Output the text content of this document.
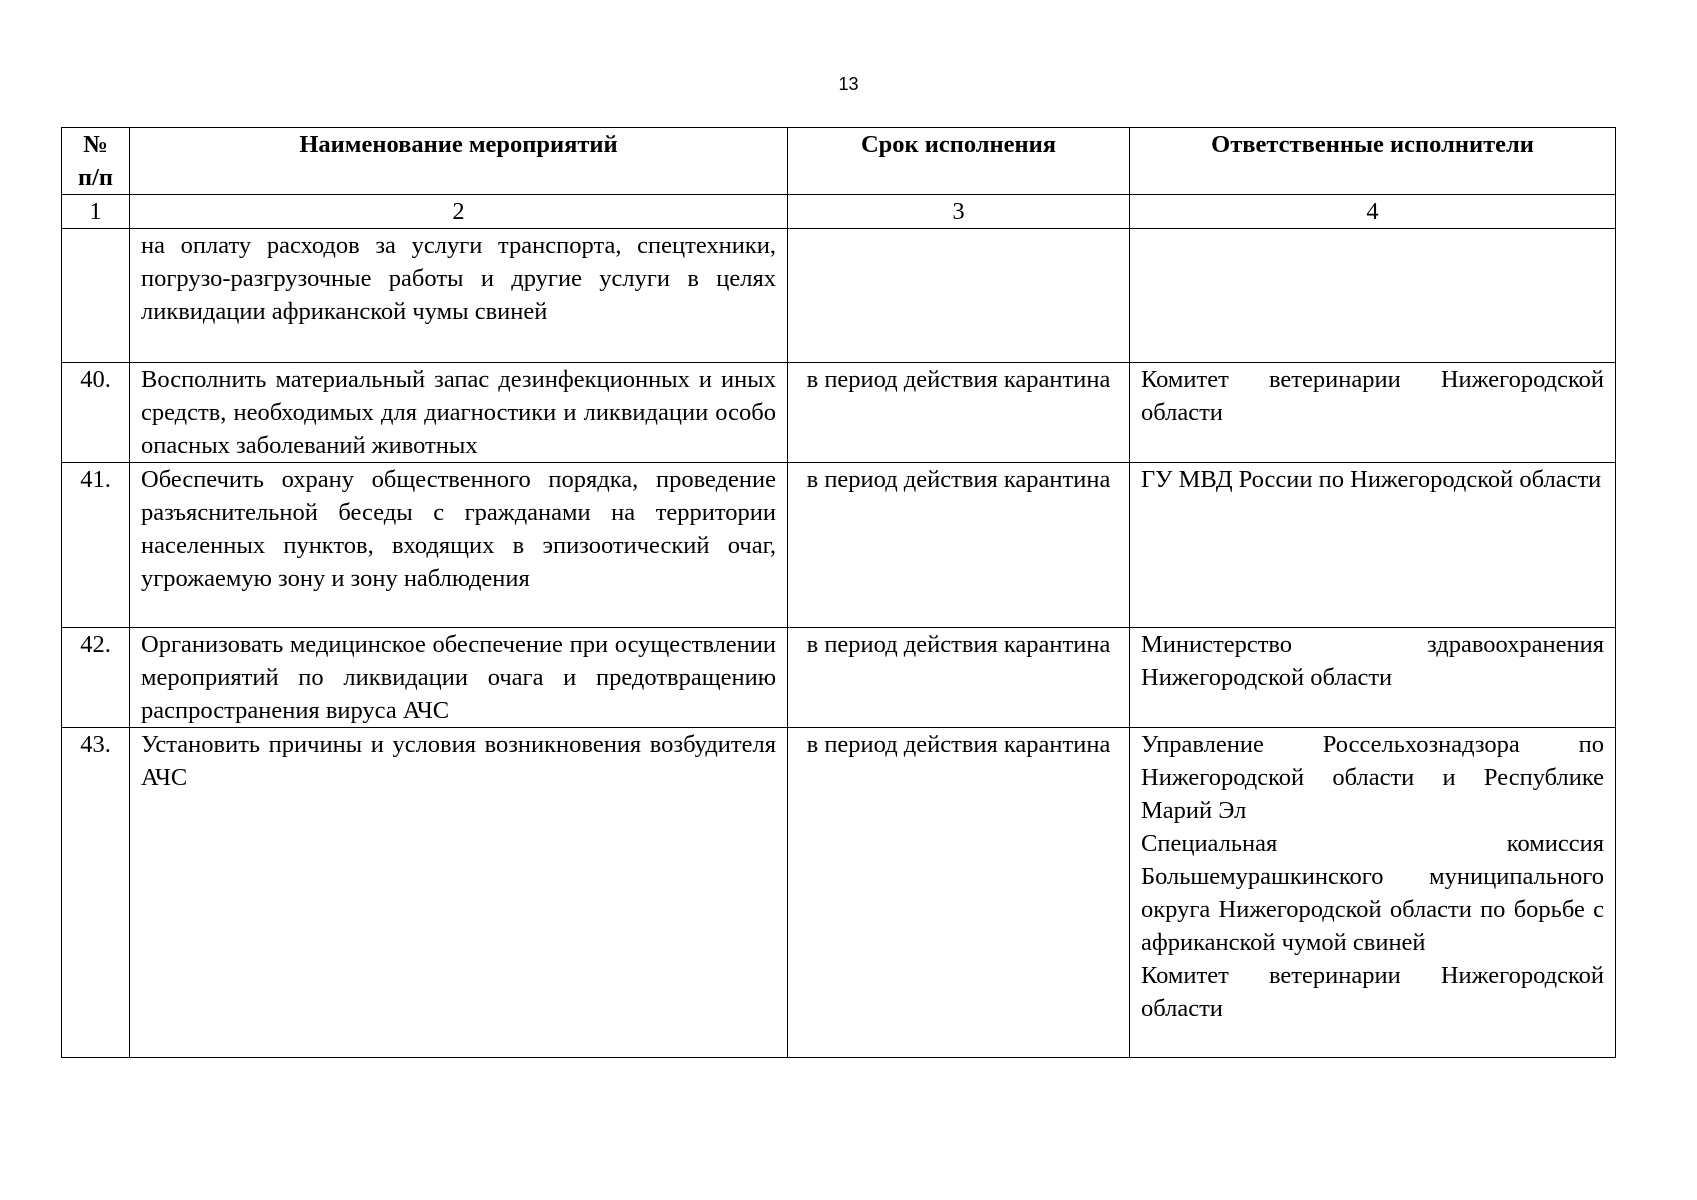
13
№ п/п	Наименование мероприятий	Срок исполнения	Ответственные исполнители
1	2	3	4
	на оплату расходов за услуги транспорта, спецтехники, погрузо-разгрузочные работы и другие услуги в целях ликвидации африканской чумы свиней		
40.	Восполнить материальный запас дезинфекционных и иных средств, необходимых для диагностики и ликвидации особо опасных заболеваний животных	в период действия карантина	Комитет ветеринарии Нижегородской области
41.	Обеспечить охрану общественного порядка, проведение разъяснительной беседы с гражданами на территории населенных пунктов, входящих в эпизоотический очаг, угрожаемую зону и зону наблюдения	в период действия карантина	ГУ МВД России по Нижегородской области
42.	Организовать медицинское обеспечение при осуществлении мероприятий по ликвидации очага и предотвращению распространения вируса АЧС	в период действия карантина	Министерство здравоохранения Нижегородской области
43.	Установить причины и условия возникновения возбудителя АЧС	в период действия карантина	Управление Россельхознадзора по Нижегородской области и Республике Марий Эл
Специальная комиссия Большемурашкинского муниципального округа Нижегородской области по борьбе с африканской чумой свиней
Комитет ветеринарии Нижегородской области
